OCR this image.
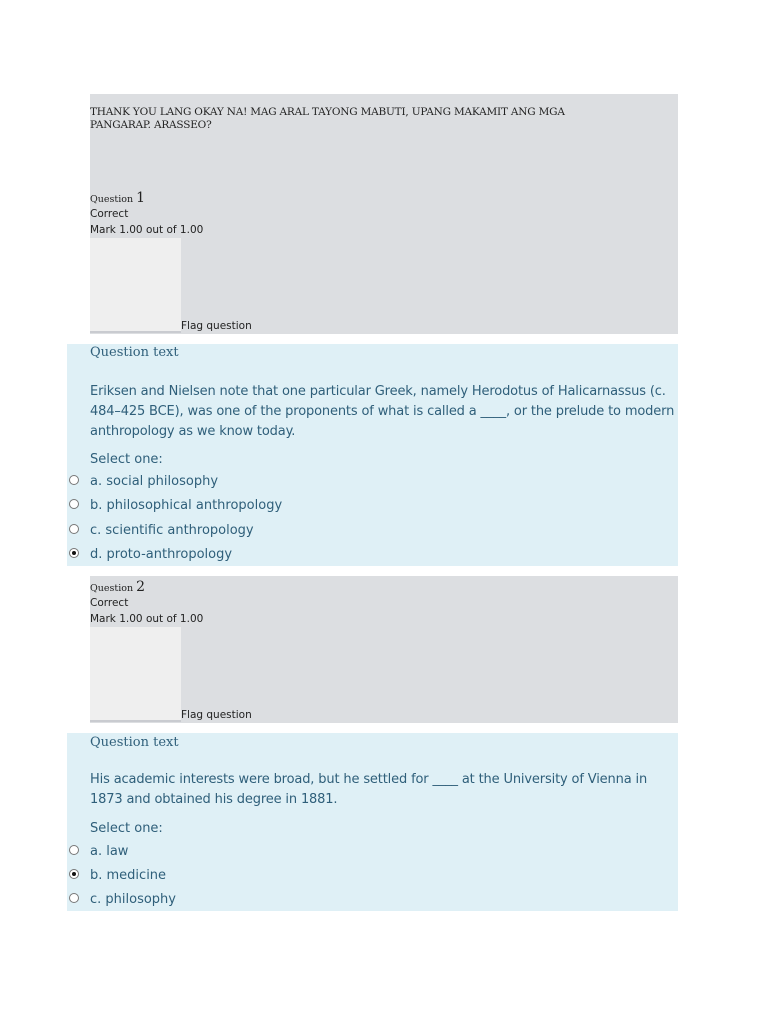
THANK YOU LANG OKAY NA! MAG ARAL TAYONG MABUTI, UPANG MAKAMIT ANG MGA PANGARAP. ARASSEO?
Question 1
Correct
Mark 1.00 out of 1.00
Flag question
Question text
Eriksen and Nielsen note that one particular Greek, namely Herodotus of Halicarnassus (c. 484–425 BCE), was one of the proponents of what is called a ____, or the prelude to modern anthropology as we know today.
Select one:
a. social philosophy
b. philosophical anthropology
c. scientific anthropology
d. proto-anthropology
Question 2
Correct
Mark 1.00 out of 1.00
Flag question
Question text
His academic interests were broad, but he settled for ____ at the University of Vienna in 1873 and obtained his degree in 1881.
Select one:
a. law
b. medicine
c. philosophy
